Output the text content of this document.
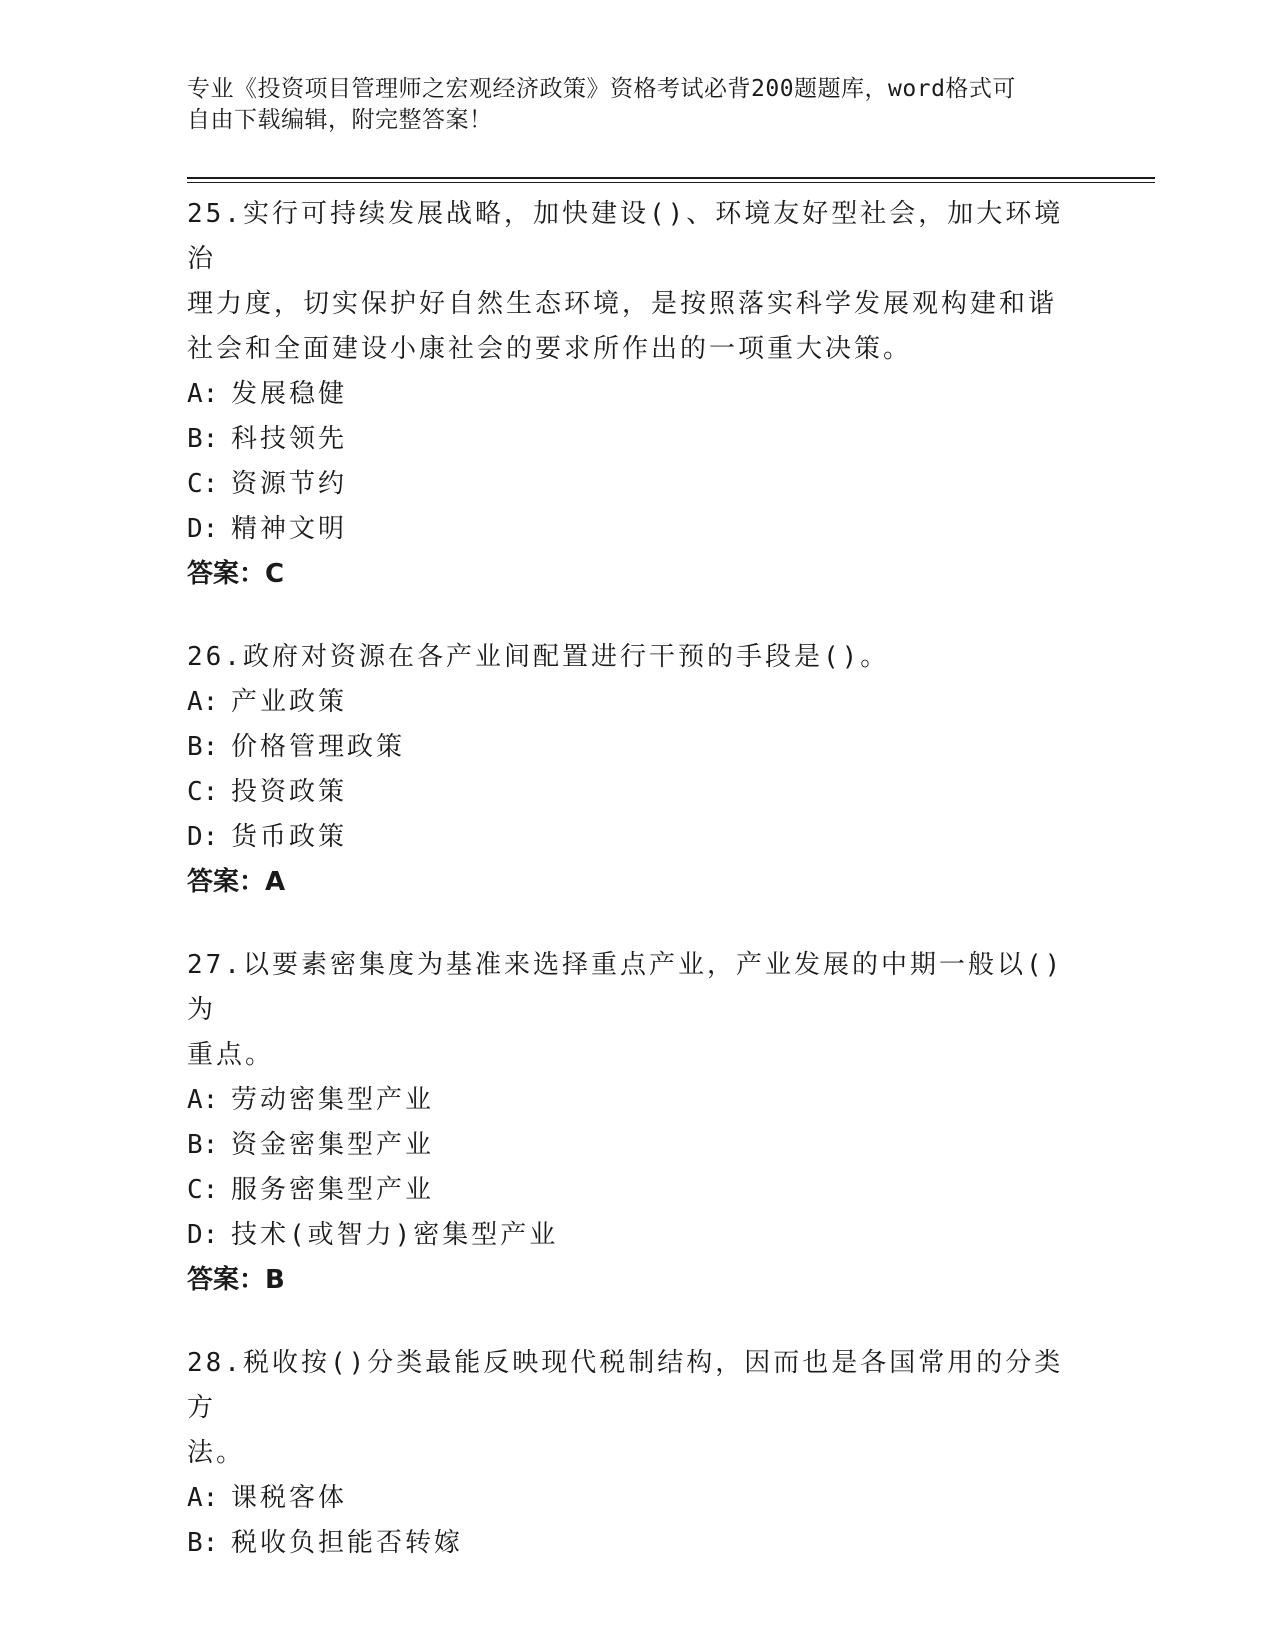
专业《投资项目管理师之宏观经济政策》资格考试必背200题题库，word格式可
自由下载编辑，附完整答案！
25.实行可持续发展战略，加快建设()、环境友好型社会，加大环境治
理力度，切实保护好自然生态环境，是按照落实科学发展观构建和谐
社会和全面建设小康社会的要求所作出的一项重大决策。
A: 发展稳健
B: 科技领先
C: 资源节约
D: 精神文明
答案：C
26.政府对资源在各产业间配置进行干预的手段是()。
A: 产业政策
B: 价格管理政策
C: 投资政策
D: 货币政策
答案：A
27.以要素密集度为基准来选择重点产业，产业发展的中期一般以()为
重点。
A: 劳动密集型产业
B: 资金密集型产业
C: 服务密集型产业
D: 技术(或智力)密集型产业
答案：B
28.税收按()分类最能反映现代税制结构，因而也是各国常用的分类方
法。
A: 课税客体
B: 税收负担能否转嫁
